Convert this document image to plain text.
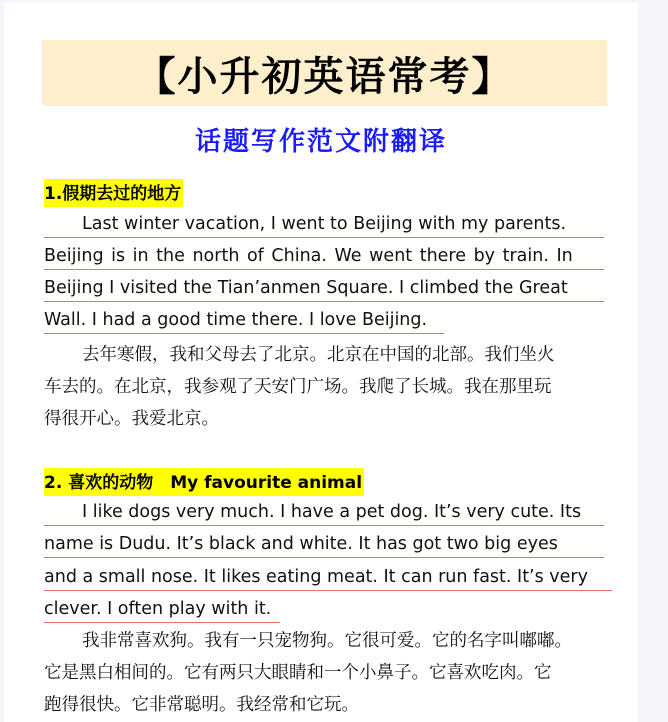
【小升初英语常考】
话题写作范文附翻译
1.假期去过的地方
Last winter vacation, I went to Beijing with my parents.
Beijing is in the north of China. We went there by train. In
Beijing I visited the Tian’anmen Square. I climbed the Great
Wall. I had a good time there. I love Beijing.
去年寒假，我和父母去了北京。北京在中国的北部。我们坐火
车去的。在北京，我参观了天安门广场。我爬了长城。我在那里玩
得很开心。我爱北京。
2. 喜欢的动物　My favourite animal
I like dogs very much. I have a pet dog. It’s very cute. Its
name is Dudu. It’s black and white. It has got two big eyes
and a small nose. It likes eating meat. It can run fast. It’s very
clever. I often play with it.
我非常喜欢狗。我有一只宠物狗。它很可爱。它的名字叫嘟嘟。
它是黑白相间的。它有两只大眼睛和一个小鼻子。它喜欢吃肉。它
跑得很快。它非常聪明。我经常和它玩。
